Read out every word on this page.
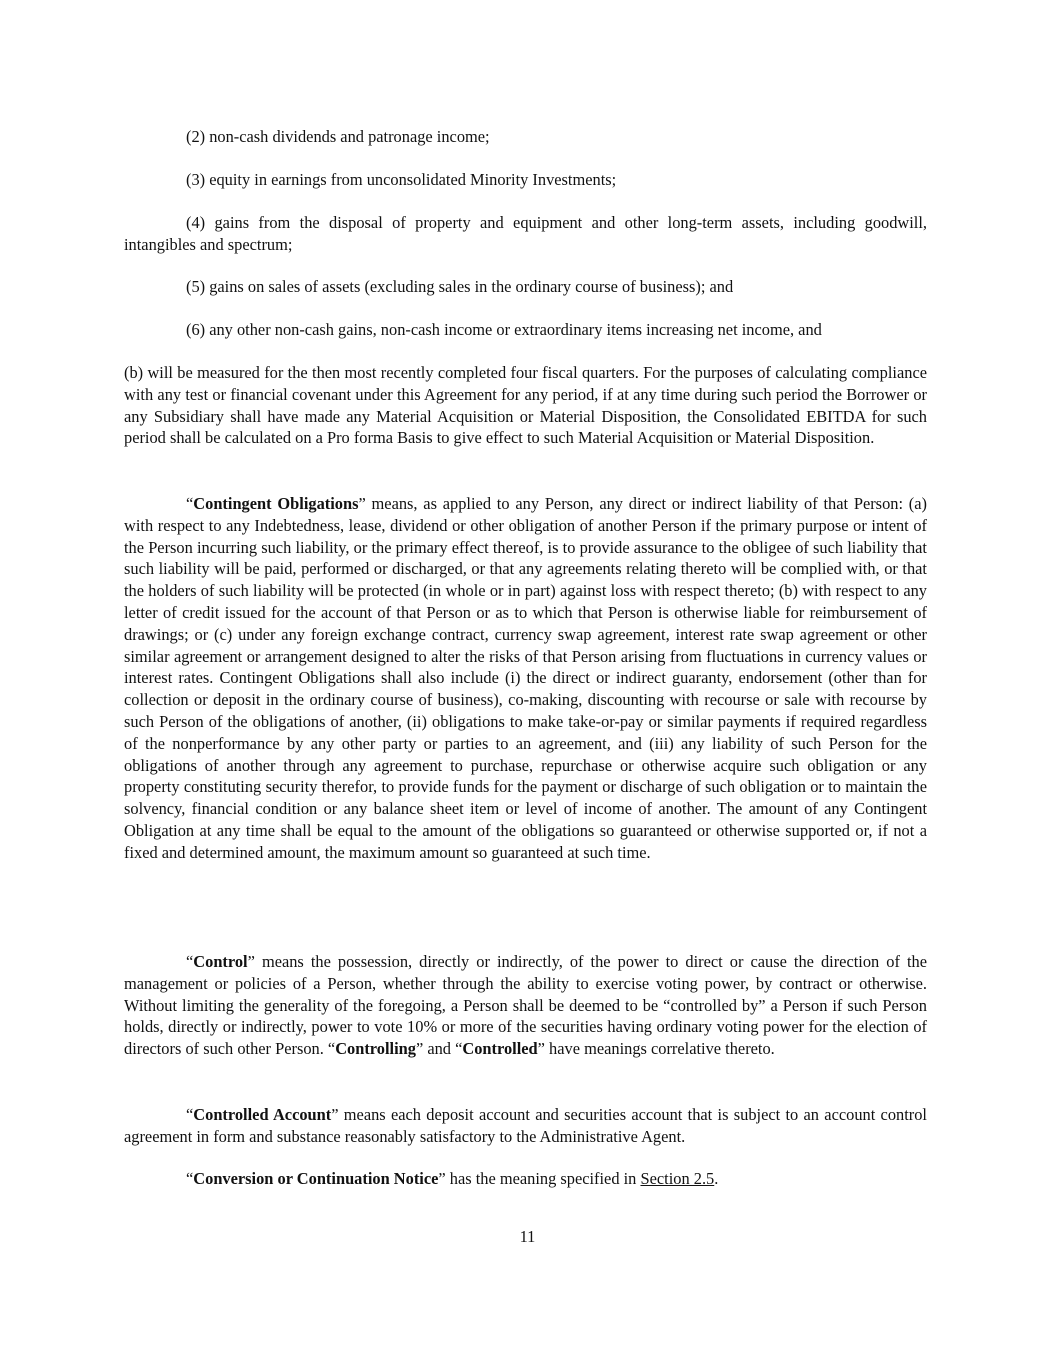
(2) non-cash dividends and patronage income;

(3) equity in earnings from unconsolidated Minority Investments;

(4) gains from the disposal of property and equipment and other long-term assets, including goodwill, intangibles and spectrum;

(5) gains on sales of assets (excluding sales in the ordinary course of business); and

(6) any other non-cash gains, non-cash income or extraordinary items increasing net income, and

(b) will be measured for the then most recently completed four fiscal quarters. For the purposes of calculating compliance with any test or financial covenant under this Agreement for any period, if at any time during such period the Borrower or any Subsidiary shall have made any Material Acquisition or Material Disposition, the Consolidated EBITDA for such period shall be calculated on a Pro forma Basis to give effect to such Material Acquisition or Material Disposition.

“Contingent Obligations” means, as applied to any Person, any direct or indirect liability of that Person: (a) with respect to any Indebtedness, lease, dividend or other obligation of another Person if the primary purpose or intent of the Person incurring such liability, or the primary effect thereof, is to provide assurance to the obligee of such liability that such liability will be paid, performed or discharged, or that any agreements relating thereto will be complied with, or that the holders of such liability will be protected (in whole or in part) against loss with respect thereto; (b) with respect to any letter of credit issued for the account of that Person or as to which that Person is otherwise liable for reimbursement of drawings; or (c) under any foreign exchange contract, currency swap agreement, interest rate swap agreement or other similar agreement or arrangement designed to alter the risks of that Person arising from fluctuations in currency values or interest rates. Contingent Obligations shall also include (i) the direct or indirect guaranty, endorsement (other than for collection or deposit in the ordinary course of business), co-making, discounting with recourse or sale with recourse by such Person of the obligations of another, (ii) obligations to make take-or-pay or similar payments if required regardless of the nonperformance by any other party or parties to an agreement, and (iii) any liability of such Person for the obligations of another through any agreement to purchase, repurchase or otherwise acquire such obligation or any property constituting security therefor, to provide funds for the payment or discharge of such obligation or to maintain the solvency, financial condition or any balance sheet item or level of income of another. The amount of any Contingent Obligation at any time shall be equal to the amount of the obligations so guaranteed or otherwise supported or, if not a fixed and determined amount, the maximum amount so guaranteed at such time.

“Control” means the possession, directly or indirectly, of the power to direct or cause the direction of the management or policies of a Person, whether through the ability to exercise voting power, by contract or otherwise. Without limiting the generality of the foregoing, a Person shall be deemed to be “controlled by” a Person if such Person holds, directly or indirectly, power to vote 10% or more of the securities having ordinary voting power for the election of directors of such other Person. “Controlling” and “Controlled” have meanings correlative thereto.

“Controlled Account” means each deposit account and securities account that is subject to an account control agreement in form and substance reasonably satisfactory to the Administrative Agent.

“Conversion or Continuation Notice” has the meaning specified in Section 2.5.

11
